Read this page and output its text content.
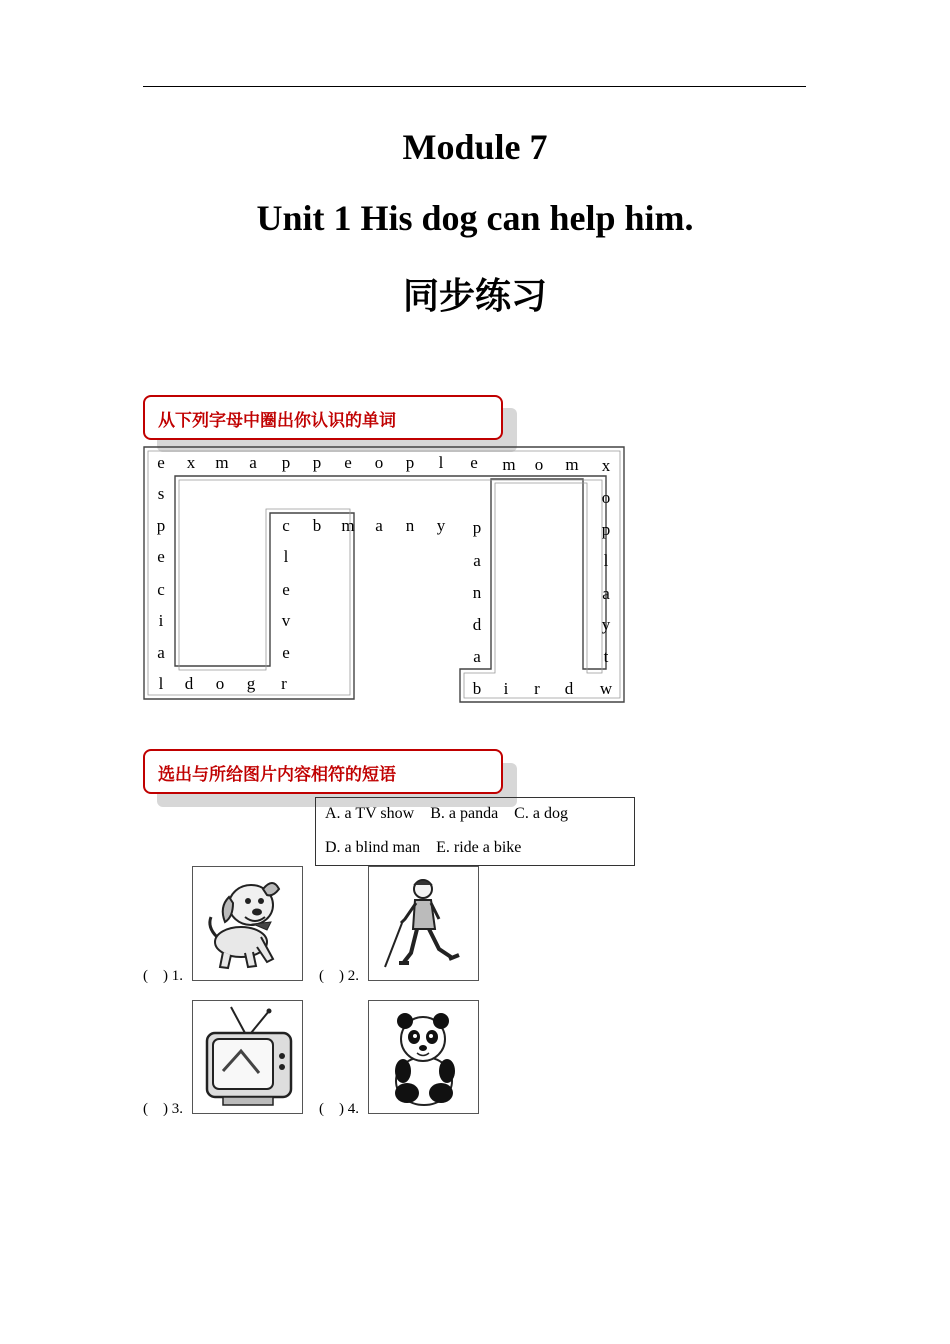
Module 7
Unit 1 His dog can help him.
同步练习
从下列字母中圈出你认识的单词
e	x	m	a	p	p	e	o	p	l	e	m	o	m	x
s
p
e
c
i
a
l
o
p
l
a
y
t
w
d	o	g	r
c	b	m	a	n	y	p
l
e
v
e
a
n
d
a
b	i	r	d
选出与所给图片内容相符的短语
A. a TV show    B. a panda    C. a dog
D. a blind man    E. ride a bike
(    ) 1.	(    ) 2.
(    ) 3.	(    ) 4.
